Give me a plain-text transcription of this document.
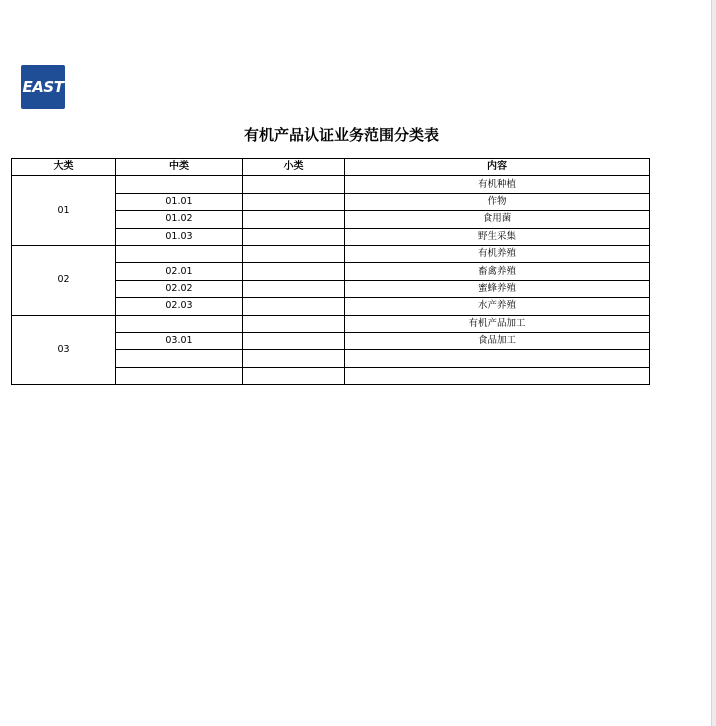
EAST
有机产品认证业务范围分类表
大类	中类	小类	内容
01			有机种植
	01.01		作物
	01.02		食用菌
	01.03		野生采集
02			有机养殖
	02.01		畜禽养殖
	02.02		蜜蜂养殖
	02.03		水产养殖
03			有机产品加工
	03.01		食品加工
